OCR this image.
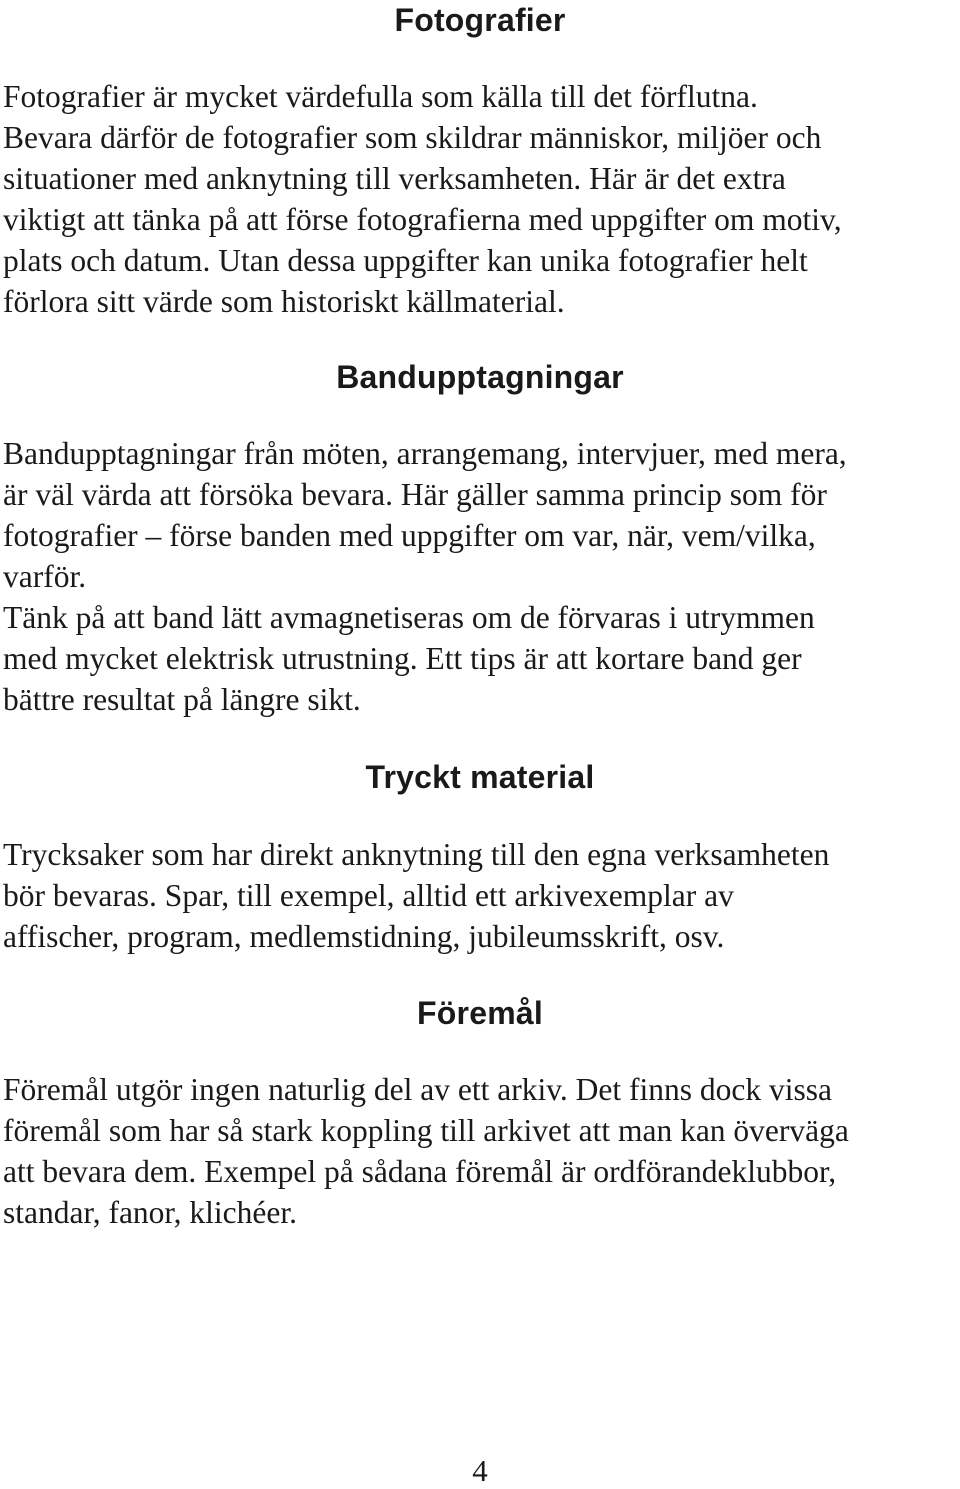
Fotografier

Fotografier är mycket värdefulla som källa till det förflutna.
Bevara därför de fotografier som skildrar människor, miljöer och
situationer med anknytning till verksamheten. Här är det extra
viktigt att tänka på att förse fotografierna med uppgifter om motiv,
plats och datum. Utan dessa uppgifter kan unika fotografier helt
förlora sitt värde som historiskt källmaterial.

Bandupptagningar

Bandupptagningar från möten, arrangemang, intervjuer, med mera,
är väl värda att försöka bevara. Här gäller samma princip som för
fotografier – förse banden med uppgifter om var, när, vem/vilka,
varför.
Tänk på att band lätt avmagnetiseras om de förvaras i utrymmen
med mycket elektrisk utrustning. Ett tips är att kortare band ger
bättre resultat på längre sikt.

Tryckt material

Trycksaker som har direkt anknytning till den egna verksamheten
bör bevaras. Spar, till exempel, alltid ett arkivexemplar av
affischer, program, medlemstidning, jubileumsskrift, osv.

Föremål

Föremål utgör ingen naturlig del av ett arkiv. Det finns dock vissa
föremål som har så stark koppling till arkivet att man kan överväga
att bevara dem. Exempel på sådana föremål är ordförandeklubbor,
standar, fanor, klichéer.

4
